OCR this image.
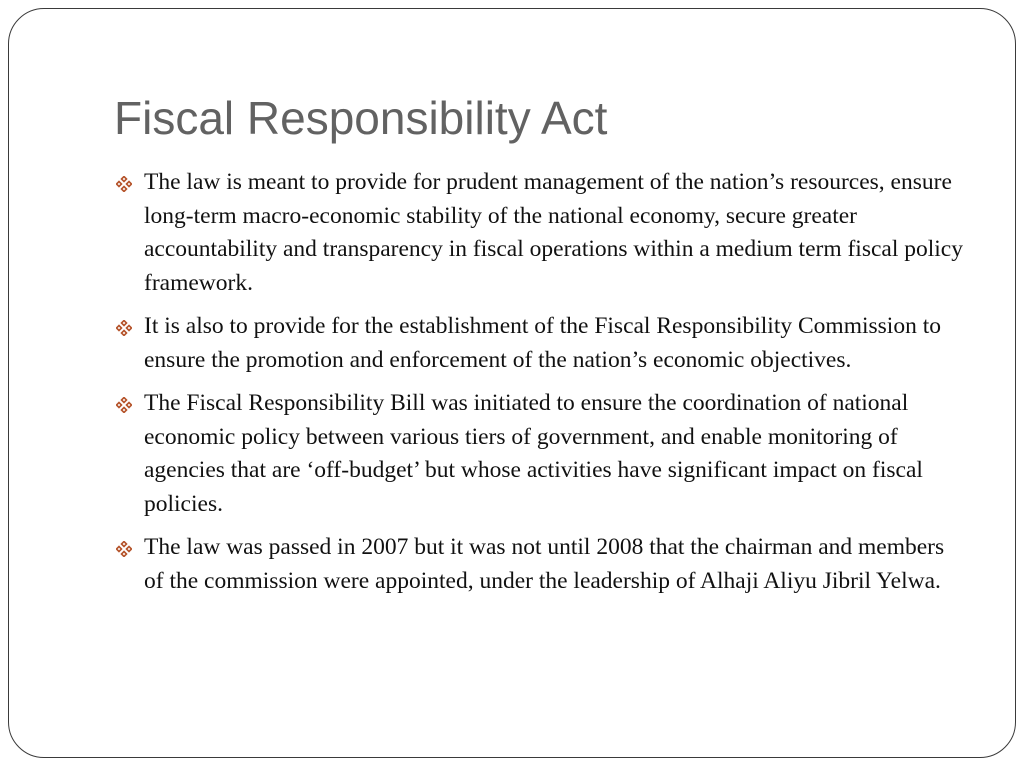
Fiscal Responsibility Act
The law is meant to provide for prudent management of the nation’s resources, ensure long-term macro-economic stability of the national economy, secure greater accountability and transparency in fiscal operations within a medium term fiscal policy framework.
It is also to provide for the establishment of the Fiscal Responsibility Commission to ensure the promotion and enforcement of the nation’s economic objectives.
The Fiscal Responsibility Bill was initiated to ensure the coordination of national economic policy between various tiers of government, and enable monitoring of agencies that are ‘off-budget’ but whose activities have significant impact on fiscal policies.
The law was passed in 2007 but it was not until 2008 that the chairman and members of the commission were appointed, under the leadership of Alhaji Aliyu Jibril Yelwa.
